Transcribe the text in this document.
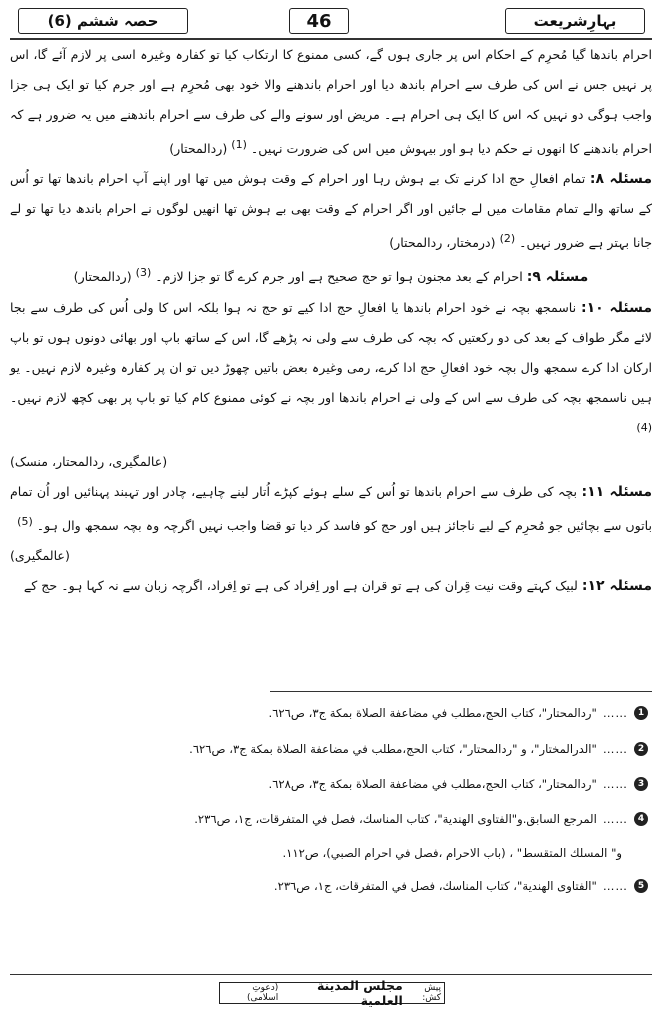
حصہ ششم (6)	46	بہارِشریعت

احرام باندھا گیا مُحرِم کے احکام اس پر جاری ہوں گے، کسی ممنوع کا ارتکاب کیا تو کفارہ وغیرہ اسی پر لازم آئے گا، اس پر نہیں جس نے اس کی طرف سے احرام باندھ دیا اور احرام باندھنے والا خود بھی مُحرِم ہے اور جرم کیا تو ایک ہی جزا واجب ہوگی دو نہیں کہ اس کا ایک ہی احرام ہے۔ مریض اور سونے والے کی طرف سے احرام باندھنے میں یہ ضرور ہے کہ احرام باندھنے کا انھوں نے حکم دیا ہو اور بیہوش میں اس کی ضرورت نہیں۔ (1) (ردالمحتار)

مسئلہ ۸: تمام افعالِ حج ادا کرنے تک بے ہوش رہا اور احرام کے وقت ہوش میں تھا اور اپنے آپ احرام باندھا تھا تو اُس کے ساتھ والے تمام مقامات میں لے جائیں اور اگر احرام کے وقت بھی بے ہوش تھا انھیں لوگوں نے احرام باندھ دیا تھا تو لے جانا بہتر ہے ضرور نہیں۔ (2) (درمختار، ردالمحتار)

مسئلہ ۹: احرام کے بعد مجنون ہوا تو حج صحیح ہے اور جرم کرے گا تو جزا لازم۔ (3) (ردالمحتار)

مسئلہ ۱۰: ناسمجھ بچہ نے خود احرام باندھا یا افعالِ حج ادا کیے تو حج نہ ہوا بلکہ اس کا ولی اُس کی طرف سے بجا لائے مگر طواف کے بعد کی دو رکعتیں کہ بچہ کی طرف سے ولی نہ پڑھے گا، اس کے ساتھ باپ اور بھائی دونوں ہوں تو باپ ارکان ادا کرے سمجھ وال بچہ خود افعالِ حج ادا کرے، رمی وغیرہ بعض باتیں چھوڑ دیں تو ان پر کفارہ وغیرہ لازم نہیں۔ یو ہیں ناسمجھ بچہ کی طرف سے اس کے ولی نے احرام باندھا اور بچہ نے کوئی ممنوع کام کیا تو باپ پر بھی کچھ لازم نہیں۔ (4)

(عالمگیری، ردالمحتار، منسک)

مسئلہ ۱۱: بچہ کی طرف سے احرام باندھا تو اُس کے سلے ہوئے کپڑے اُتار لینے چاہیے، چادر اور تہبند پہنائیں اور اُن تمام باتوں سے بچائیں جو مُحرِم کے لیے ناجائز ہیں اور حج کو فاسد کر دیا تو قضا واجب نہیں اگرچہ وہ بچہ سمجھ وال ہو۔ (5)

(عالمگیری)

مسئلہ ۱۲: لبیک کہتے وقت نیت قِران کی ہے تو قران ہے اور اِفراد کی ہے تو اِفراد، اگرچہ زبان سے نہ کہا ہو۔ حج کے

1
……
"ردالمحتار"، كتاب الحج،مطلب في مضاعفة الصلاة بمكة ج٣، ص٦٢٦.
2
……
"الدرالمختار"، و "ردالمحتار"، كتاب الحج،مطلب في مضاعفة الصلاة بمكة ج٣، ص٦٢٦.
3
……
"ردالمحتار"، كتاب الحج،مطلب في مضاعفة الصلاة بمكة ج٣، ص٦٢٨.
4
……
المرجع السابق.و"الفتاوى الهندية"، كتاب المناسك، فصل في المتفرقات، ج١، ص٢٣٦.
و" المسلك المتقسط" ، (باب الاحرام ،فصل في احرام الصبي)، ص١١٢.
5
……
"الفتاوى الهندية"، كتاب المناسك، فصل في المتفرقات، ج١، ص٢٣٦.
پیش کش:
مجلس المدينة العلمية
(دعوتِ اسلامی)
